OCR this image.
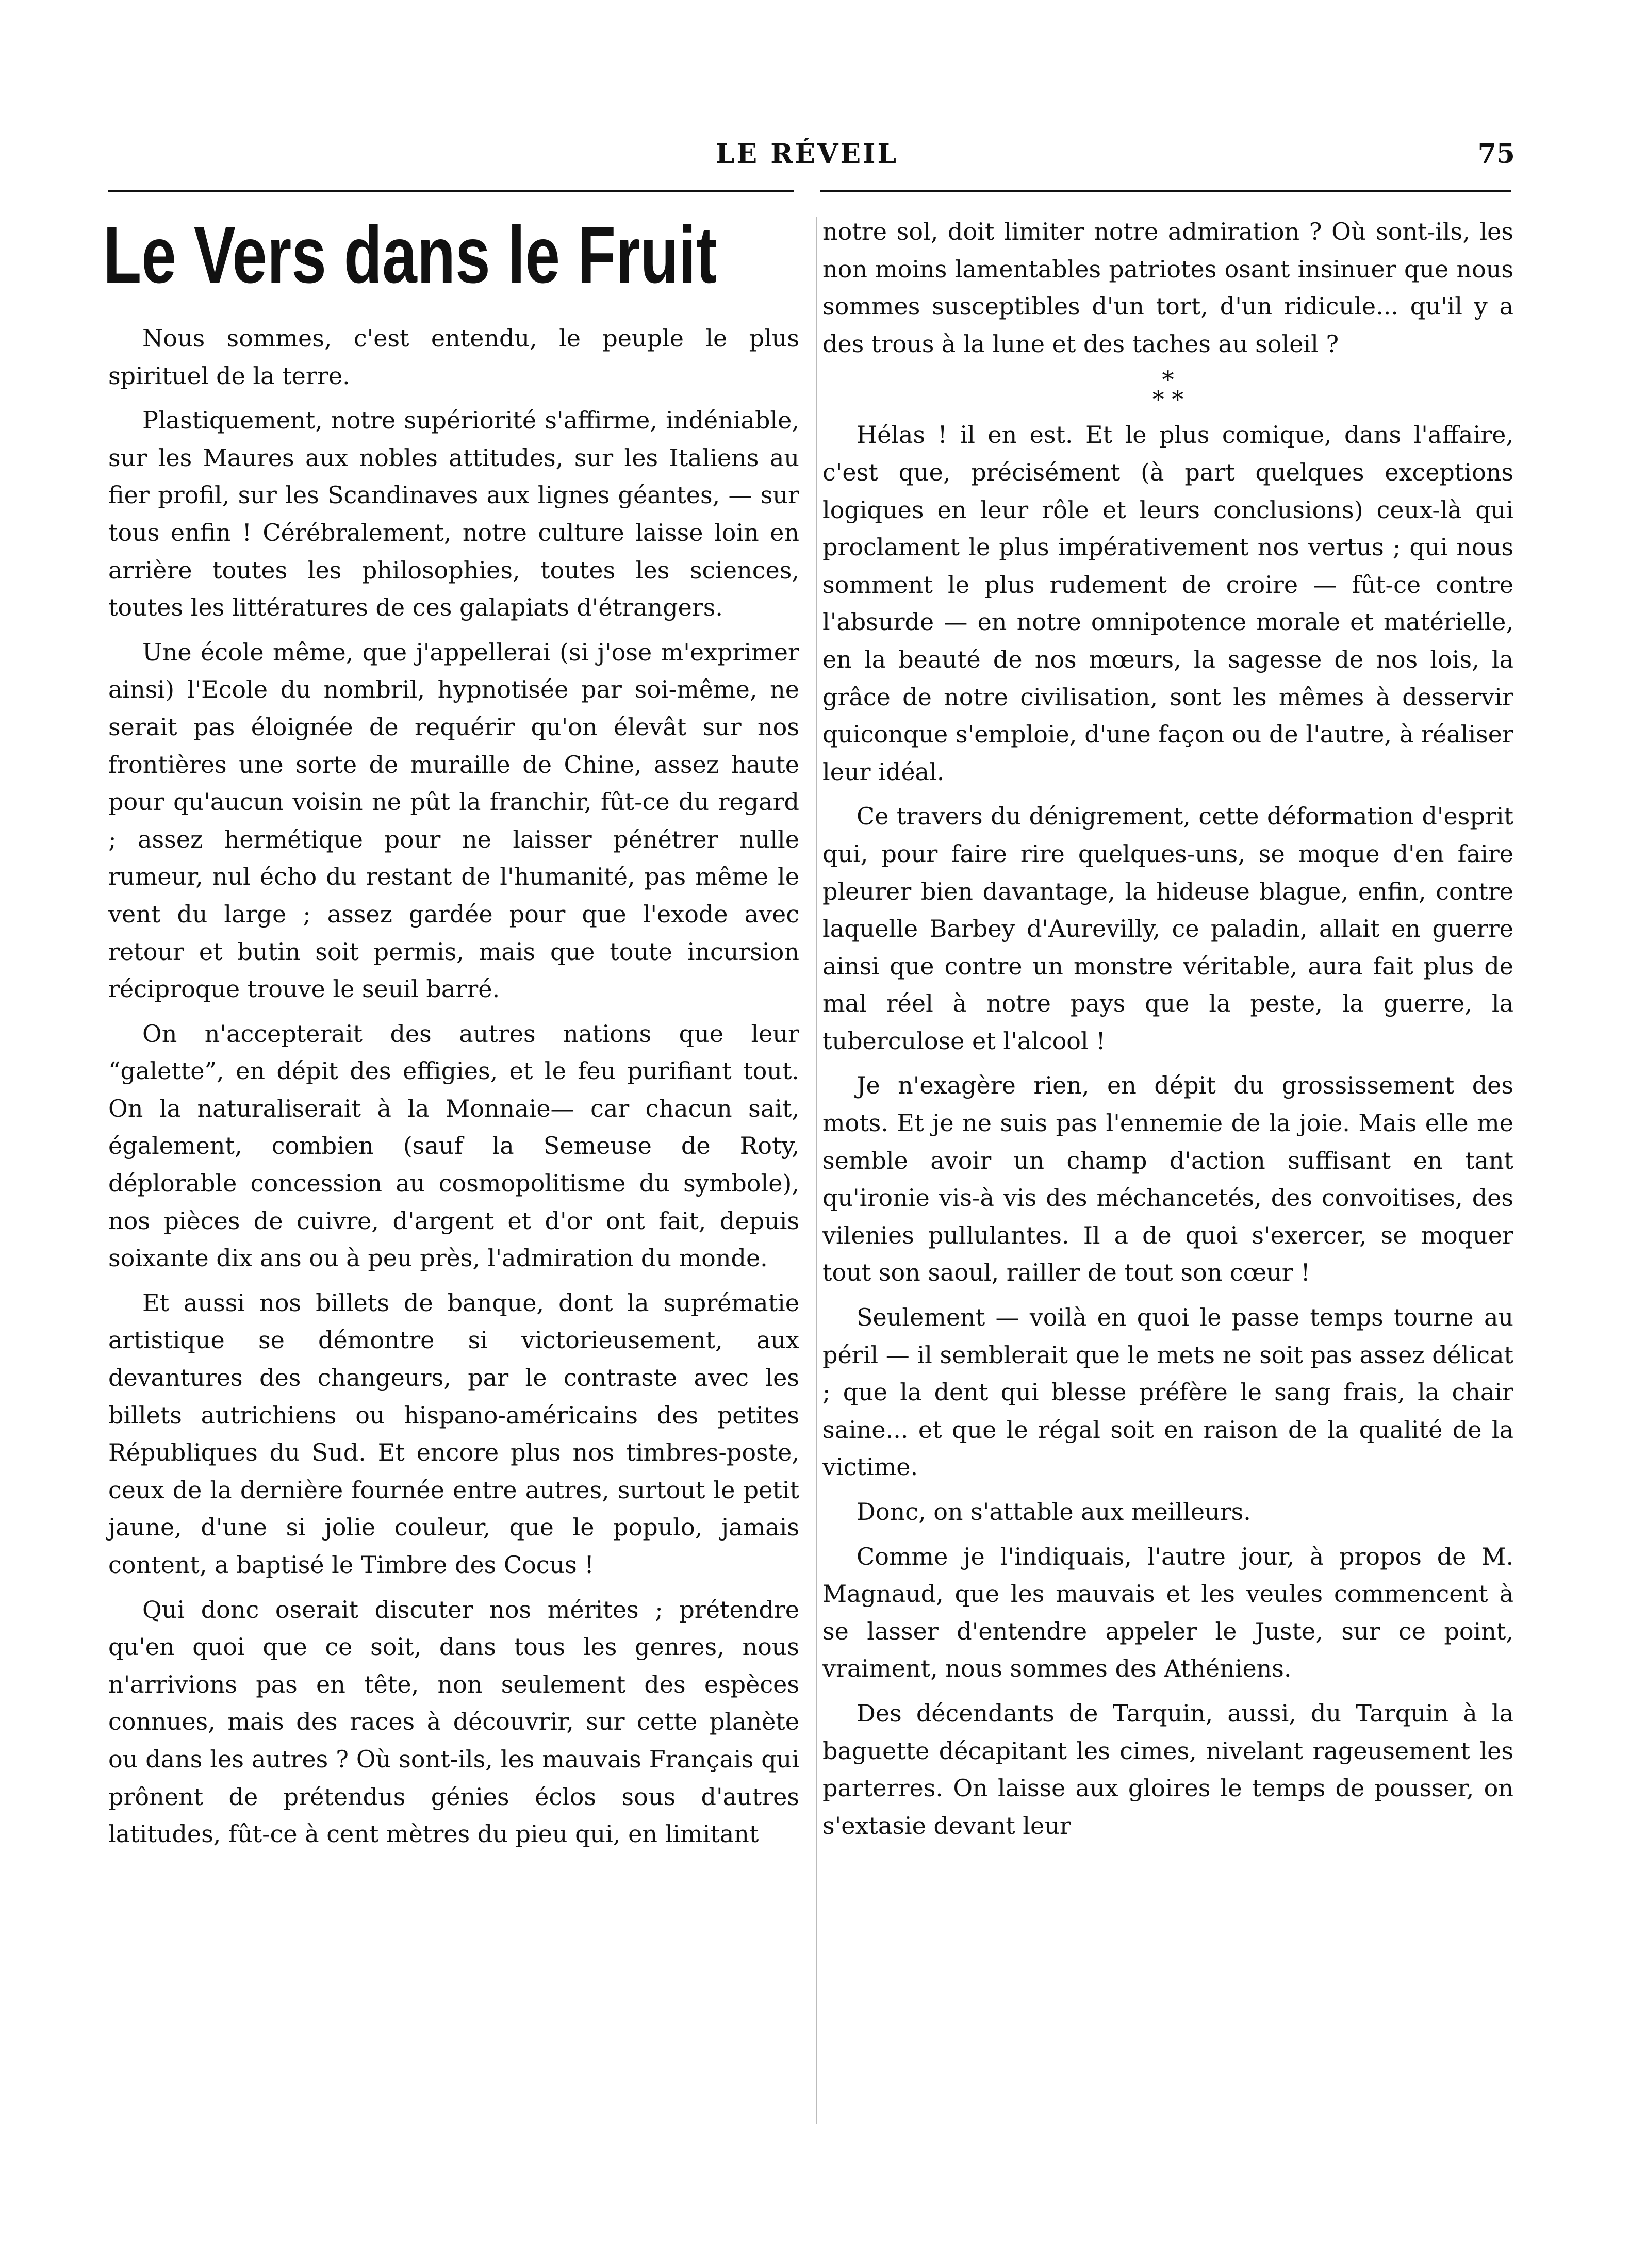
LE RÉVEIL	75
Le Vers dans le Fruit

Nous sommes, c'est entendu, le peuple le plus spirituel de la terre.

Plastiquement, notre supériorité s'affirme, indéniable, sur les Maures aux nobles attitudes, sur les Italiens au fier profil, sur les Scandinaves aux lignes géantes, — sur tous enfin ! Cérébralement, notre culture laisse loin en arrière toutes les philosophies, toutes les sciences, toutes les littératures de ces galapiats d'étrangers.

Une école même, que j'appellerai (si j'ose m'exprimer ainsi) l'Ecole du nombril, hypnotisée par soi-même, ne serait pas éloignée de requérir qu'on élevât sur nos frontières une sorte de muraille de Chine, assez haute pour qu'aucun voisin ne pût la franchir, fût-ce du regard ; assez hermétique pour ne laisser pénétrer nulle rumeur, nul écho du restant de l'humanité, pas même le vent du large ; assez gardée pour que l'exode avec retour et butin soit permis, mais que toute incursion réciproque trouve le seuil barré.

On n'accepterait des autres nations que leur “galette”, en dépit des effigies, et le feu purifiant tout. On la naturaliserait à la Monnaie— car chacun sait, également, combien (sauf la Semeuse de Roty, déplorable concession au cosmopolitisme du symbole), nos pièces de cuivre, d'argent et d'or ont fait, depuis soixante dix ans ou à peu près, l'admiration du monde.

Et aussi nos billets de banque, dont la suprématie artistique se démontre si victorieusement, aux devantures des changeurs, par le contraste avec les billets autrichiens ou hispano-américains des petites Républiques du Sud. Et encore plus nos timbres-poste, ceux de la dernière fournée entre autres, surtout le petit jaune, d'une si jolie couleur, que le populo, jamais content, a baptisé le Timbre des Cocus !

Qui donc oserait discuter nos mérites ; prétendre qu'en quoi que ce soit, dans tous les genres, nous n'arrivions pas en tête, non seulement des espèces connues, mais des races à découvrir, sur cette planète ou dans les autres ? Où sont-ils, les mauvais Français qui prônent de prétendus génies éclos sous d'autres latitudes, fût-ce à cent mètres du pieu qui, en limitant

notre sol, doit limiter notre admiration ? Où sont-ils, les non moins lamentables patriotes osant insinuer que nous sommes susceptibles d'un tort, d'un ridicule... qu'il y a des trous à la lune et des taches au soleil ?

*
* *

Hélas ! il en est. Et le plus comique, dans l'affaire, c'est que, précisément (à part quelques exceptions logiques en leur rôle et leurs conclusions) ceux-là qui proclament le plus impérativement nos vertus ; qui nous somment le plus rudement de croire — fût-ce contre l'absurde — en notre omnipotence morale et matérielle, en la beauté de nos mœurs, la sagesse de nos lois, la grâce de notre civilisation, sont les mêmes à desservir quiconque s'emploie, d'une façon ou de l'autre, à réaliser leur idéal.

Ce travers du dénigrement, cette déformation d'esprit qui, pour faire rire quelques-uns, se moque d'en faire pleurer bien davantage, la hideuse blague, enfin, contre laquelle Barbey d'Aurevilly, ce paladin, allait en guerre ainsi que contre un monstre véritable, aura fait plus de mal réel à notre pays que la peste, la guerre, la tuberculose et l'alcool !

Je n'exagère rien, en dépit du grossissement des mots. Et je ne suis pas l'ennemie de la joie. Mais elle me semble avoir un champ d'action suffisant en tant qu'ironie vis-à vis des méchancetés, des convoitises, des vilenies pullulantes. Il a de quoi s'exercer, se moquer tout son saoul, railler de tout son cœur !

Seulement — voilà en quoi le passe temps tourne au péril — il semblerait que le mets ne soit pas assez délicat ; que la dent qui blesse préfère le sang frais, la chair saine... et que le régal soit en raison de la qualité de la victime.

Donc, on s'attable aux meilleurs.

Comme je l'indiquais, l'autre jour, à propos de M. Magnaud, que les mauvais et les veules commencent à se lasser d'entendre appeler le Juste, sur ce point, vraiment, nous sommes des Athéniens.

Des décendants de Tarquin, aussi, du Tarquin à la baguette décapitant les cimes, nivelant rageusement les parterres. On laisse aux gloires le temps de pousser, on s'extasie devant leur
